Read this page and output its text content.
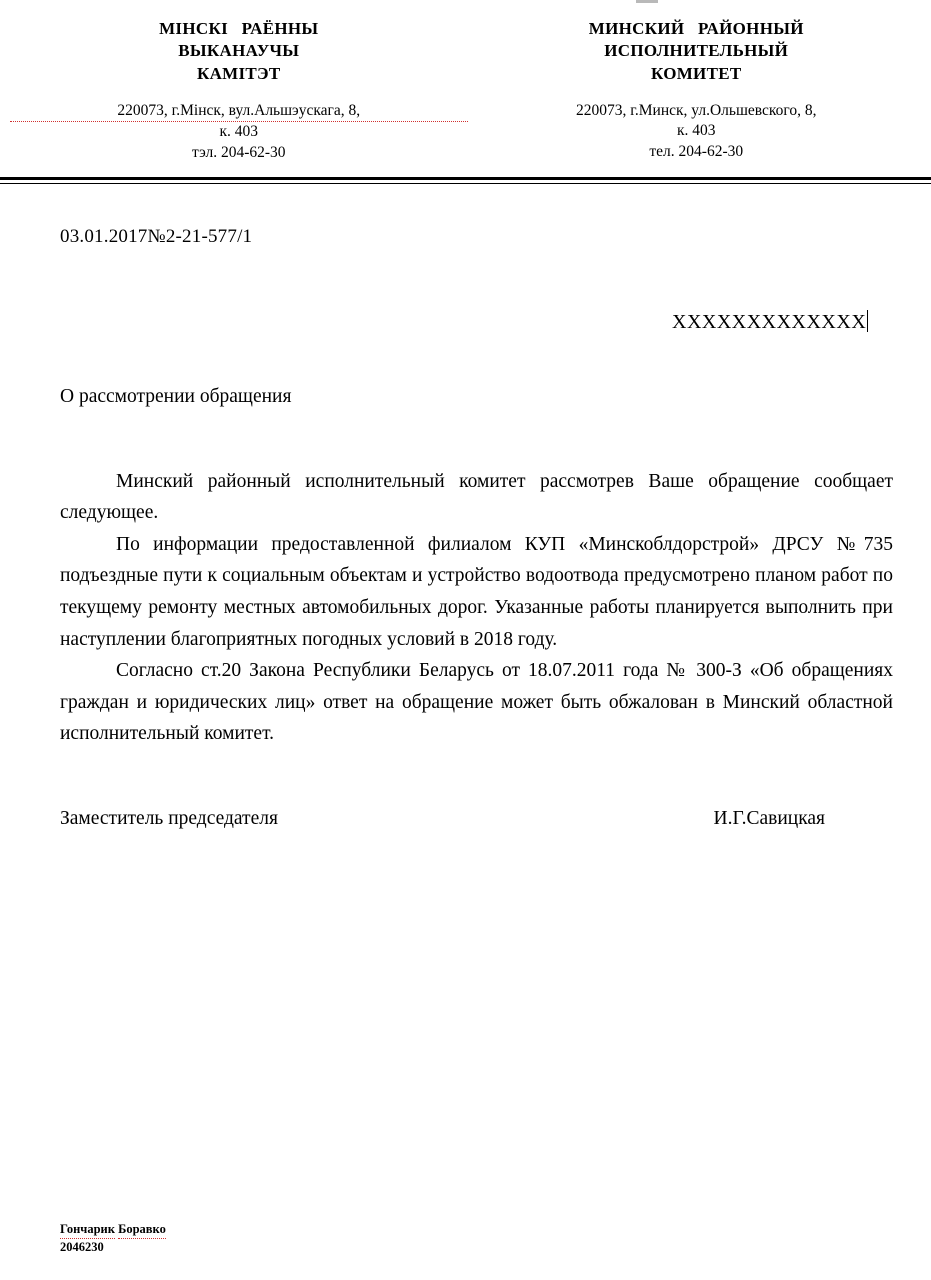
МІНСКІ   РАЁННЫ
ВЫКАНАУЧЫ
КАМІТЭТ
220073, г.Мінск, вул.Альшэускага, 8,
к. 403
тэл. 204-62-30
МИНСКИЙ   РАЙОННЫЙ
ИСПОЛНИТЕЛЬНЫЙ
КОМИТЕТ
220073, г.Минск, ул.Ольшевского, 8,
к. 403
тел. 204-62-30
03.01.2017№2-21-577/1
ХХХХХХХХХХХХХ
О рассмотрении обращения

Минский районный исполнительный комитет рассмотрев Ваше обращение сообщает следующее.

По информации предоставленной филиалом КУП «Минскоблдорстрой» ДРСУ №735 подъездные пути к социальным объектам и устройство водоотвода предусмотрено планом работ по текущему ремонту местных автомобильных дорог. Указанные работы планируется выполнить при наступлении благоприятных погодных условий в 2018 году.

Согласно ст.20 Закона Республики Беларусь от 18.07.2011 года № 300-З «Об обращениях граждан и юридических лиц» ответ на обращение может быть обжалован в Минский областной исполнительный комитет.

Заместитель председателя	И.Г.Савицкая
Гончарик Боравко
2046230
